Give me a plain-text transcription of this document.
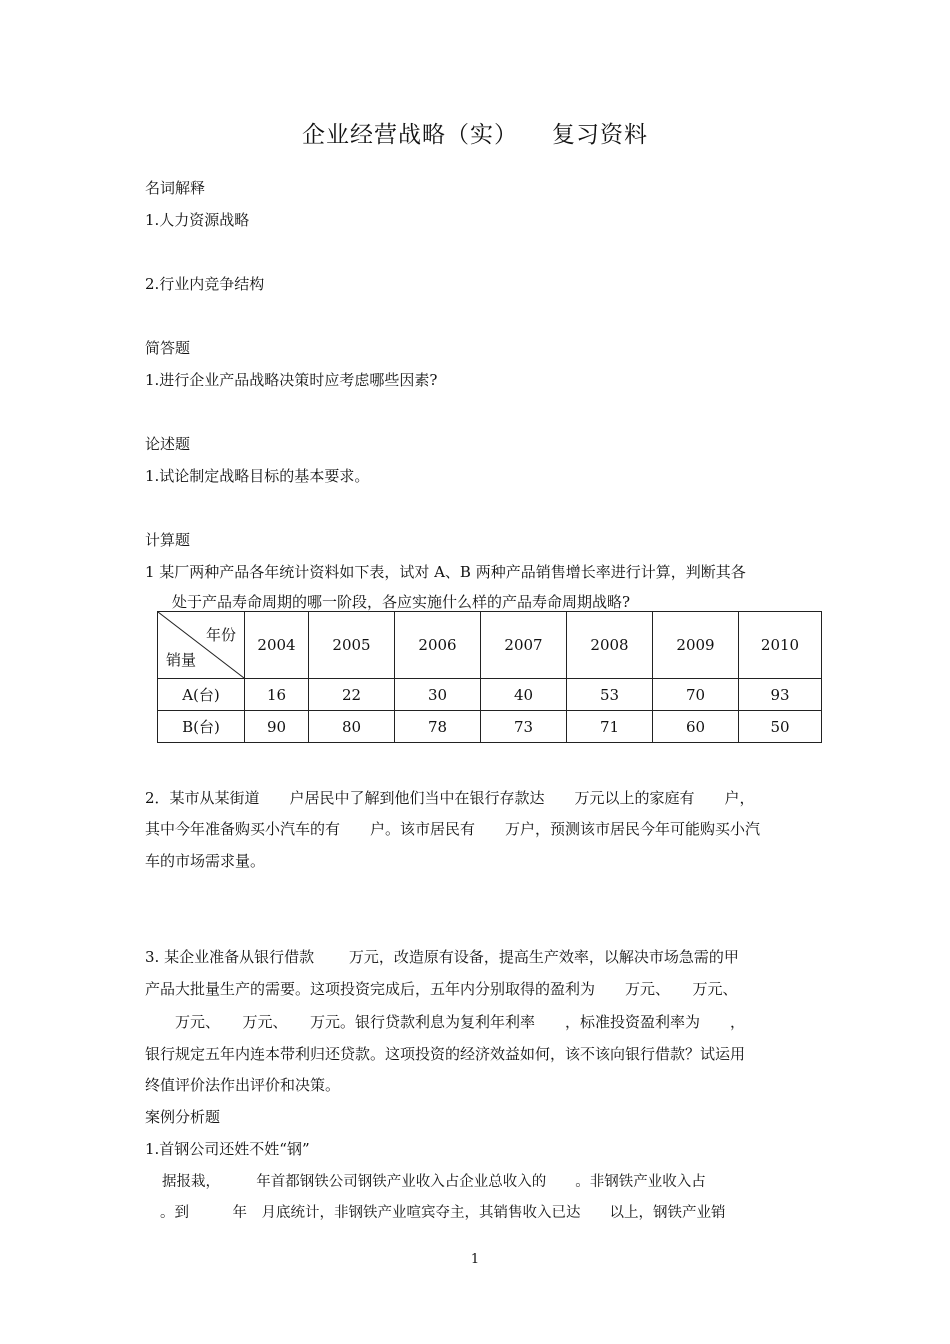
企业经营战略（实） 复习资料
名词解释
1.人力资源战略
2.行业内竞争结构
简答题
1.进行企业产品战略决策时应考虑哪些因素?
论述题
1.试论制定战略目标的基本要求。
计算题
1 某厂两种产品各年统计资料如下表，试对 A、B 两种产品销售增长率进行计算，判断其各
处于产品寿命周期的哪一阶段，各应实施什么样的产品寿命周期战略?
年份
销量	2004	2005	2006	2007	2008	2009	2010
A(台)	16	22	30	40	53	70	93
B(台)	90	80	78	73	71	60	50
2．某市从某街道　　户居民中了解到他们当中在银行存款达　　万元以上的家庭有　　户，
其中今年准备购买小汽车的有　　户。该市居民有　　万户，预测该市居民今年可能购买小汽
车的市场需求量。
3. 某企业准备从银行借款　　 万元，改造原有设备，提高生产效率，以解决市场急需的甲
产品大批量生产的需要。这项投资完成后，五年内分别取得的盈利为　　万元、　　万元、
　　万元、　　万元、　　万元。银行贷款利息为复利年利率　　，标准投资盈利率为　　，
银行规定五年内连本带利归还贷款。这项投资的经济效益如何，该不该向银行借款？试运用
终值评价法作出评价和决策。
案例分析题
1.首钢公司还姓不姓“钢”
据报栽，　　　年首都钢铁公司钢铁产业收入占企业总收入的　　。非钢铁产业收入占
。到　　　年　月底统计，非钢铁产业喧宾夺主，其销售收入已达　　以上，钢铁产业销
1
